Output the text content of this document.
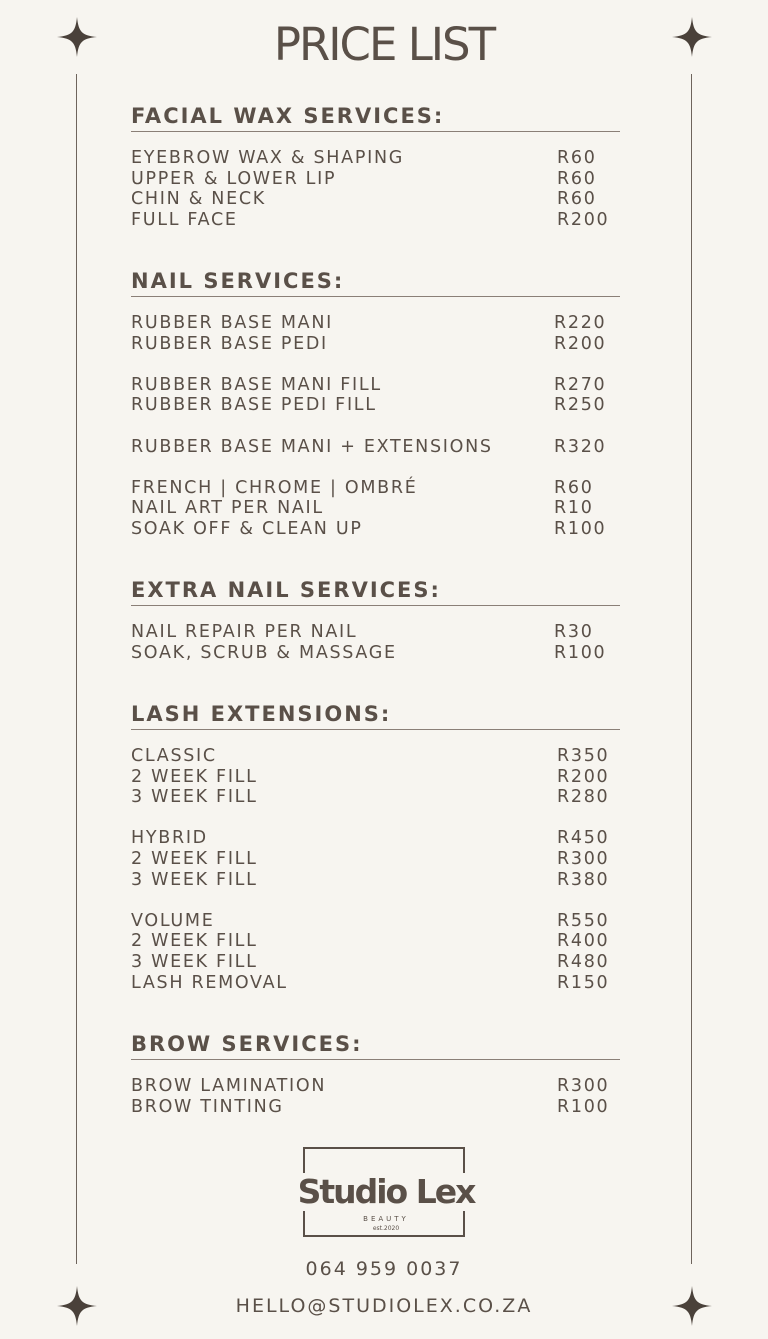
PRICE LIST
FACIAL WAX SERVICES:
EYEBROW WAX & SHAPING	R60
UPPER & LOWER LIP	R60
CHIN & NECK	R60
FULL FACE	R200
NAIL SERVICES:
RUBBER BASE MANI	R220
RUBBER BASE PEDI	R200
RUBBER BASE MANI FILL	R270
RUBBER BASE PEDI FILL	R250
RUBBER BASE MANI + EXTENSIONS	R320
FRENCH | CHROME | OMBRÉ	R60
NAIL ART PER NAIL	R10
SOAK OFF & CLEAN UP	R100
EXTRA NAIL SERVICES:
NAIL REPAIR PER NAIL	R30
SOAK, SCRUB & MASSAGE	R100
LASH EXTENSIONS:
CLASSIC	R350
2 WEEK FILL	R200
3 WEEK FILL	R280
HYBRID	R450
2 WEEK FILL	R300
3 WEEK FILL	R380
VOLUME	R550
2 WEEK FILL	R400
3 WEEK FILL	R480
LASH REMOVAL	R150
BROW SERVICES:
BROW LAMINATION	R300
BROW TINTING	R100
Studio Lex
BEAUTY
est.2020
064 959 0037
HELLO@STUDIOLEX.CO.ZA
